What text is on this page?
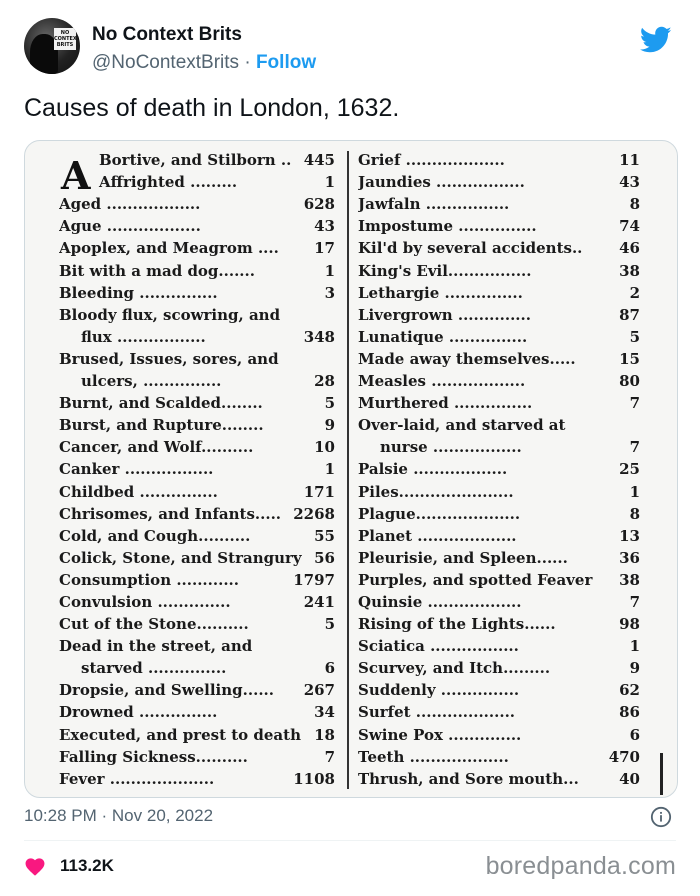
NO
CONTEXT
BRITS No Context Brits
@NoContextBrits · Follow
Causes of death in London, 1632.
A Bortive, and Stilborn .. 445
Affrighted .........	1
Aged ..................	628
Ague ..................	43
Apoplex, and Meagrom ....	17
Bit with a mad dog.......	1
Bleeding ...............	3
Bloody flux, scowring, and
flux .................	348
Brused, Issues, sores, and
ulcers, ...............	28
Burnt, and Scalded........	5
Burst, and Rupture........	9
Cancer, and Wolf..........	10
Canker .................	1
Childbed ...............	171
Chrisomes, and Infants..... 2268
Cold, and Cough..........	55
Colick, Stone, and Strangury 56
Consumption ............	1797
Convulsion ..............	241
Cut of the Stone..........	5
Dead in the street, and
starved ...............	6
Dropsie, and Swelling......	267
Drowned ...............	34
Executed, and prest to death 18
Falling Sickness..........	7
Fever ....................	1108
Grief ...................	11
Jaundies .................	43
Jawfaln ................	8
Impostume ...............	74
Kil'd by several accidents..	46
King's Evil................	38
Lethargie ...............	2
Livergrown ..............	87
Lunatique ...............	5
Made away themselves.....	15
Measles ..................	80
Murthered ...............	7
Over-laid, and starved at
nurse .................	7
Palsie ..................	25
Piles......................	1
Plague....................	8
Planet ...................	13
Pleurisie, and Spleen......	36
Purples, and spotted Feaver	38
Quinsie ..................	7
Rising of the Lights......	98
Sciatica .................	1
Scurvey, and Itch.........	9
Suddenly ...............	62
Surfet ...................	86
Swine Pox ..............	6
Teeth ...................	470
Thrush, and Sore mouth...	40
10:28 PM · Nov 20, 2022
113.2K	boredpanda.com
